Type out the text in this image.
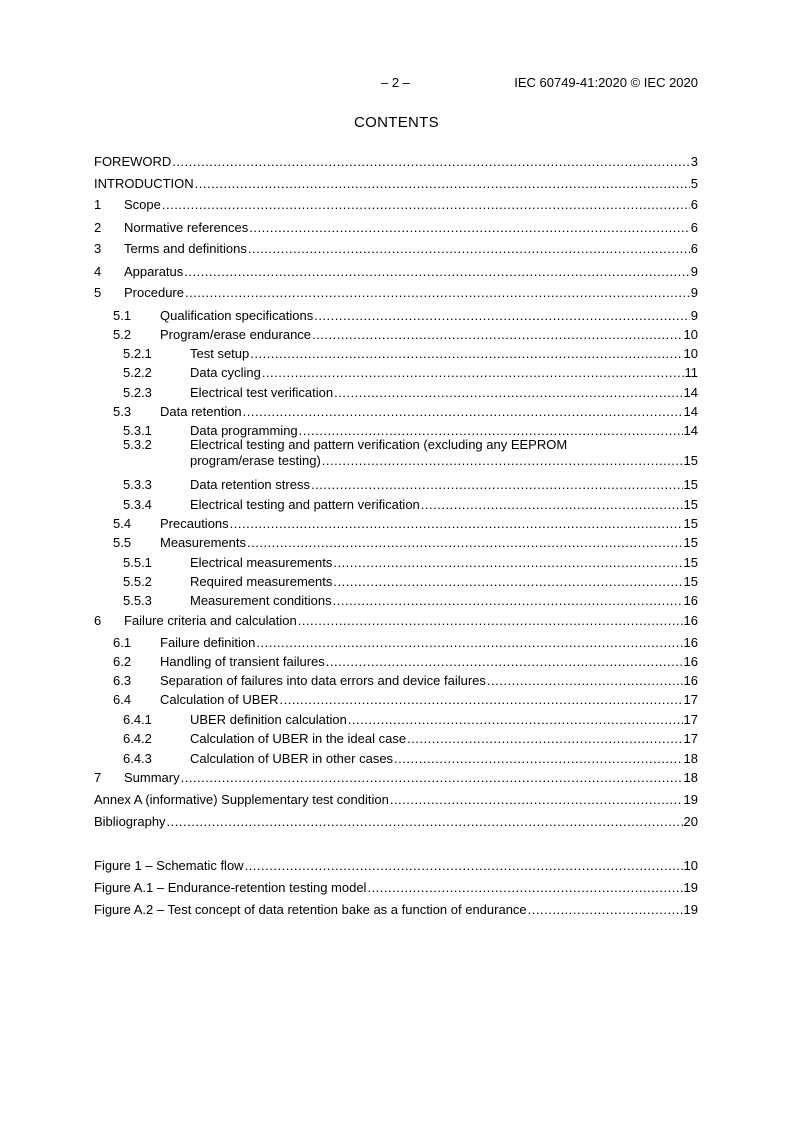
– 2 –	IEC 60749-41:2020 © IEC 2020
CONTENTS
FOREWORD .....	3
INTRODUCTION .....	5
1 Scope .....	6
2 Normative references .....	6
3 Terms and definitions .....	6
4 Apparatus .....	9
5 Procedure .....	9
5.1 Qualification specifications .....	9
5.2 Program/erase endurance .....	10
5.2.1	Test setup .....	10
5.2.2	Data cycling .....	11
5.2.3	Electrical test verification .....	14
5.3 Data retention .....	14
5.3.1	Data programming .....	14
5.3.2	Electrical testing and pattern verification (excluding any EEPROM
program/erase testing) .....	15
5.3.3	Data retention stress .....	15
5.3.4	Electrical testing and pattern verification .....	15
5.4 Precautions .....	15
5.5 Measurements .....	15
5.5.1	Electrical measurements .....	15
5.5.2	Required measurements .....	15
5.5.3	Measurement conditions .....	16
6 Failure criteria and calculation .....	16
6.1 Failure definition .....	16
6.2 Handling of transient failures .....	16
6.3 Separation of failures into data errors and device failures .....	16
6.4 Calculation of UBER .....	17
6.4.1	UBER definition calculation .....	17
6.4.2	Calculation of UBER in the ideal case .....	17
6.4.3	Calculation of UBER in other cases .....	18
7 Summary .....	18
Annex A (informative) Supplementary test condition .....	19
Bibliography .....	20
Figure 1 – Schematic flow .....	10
Figure A.1 – Endurance-retention testing model .....	19
Figure A.2 – Test concept of data retention bake as a function of endurance .....	19
